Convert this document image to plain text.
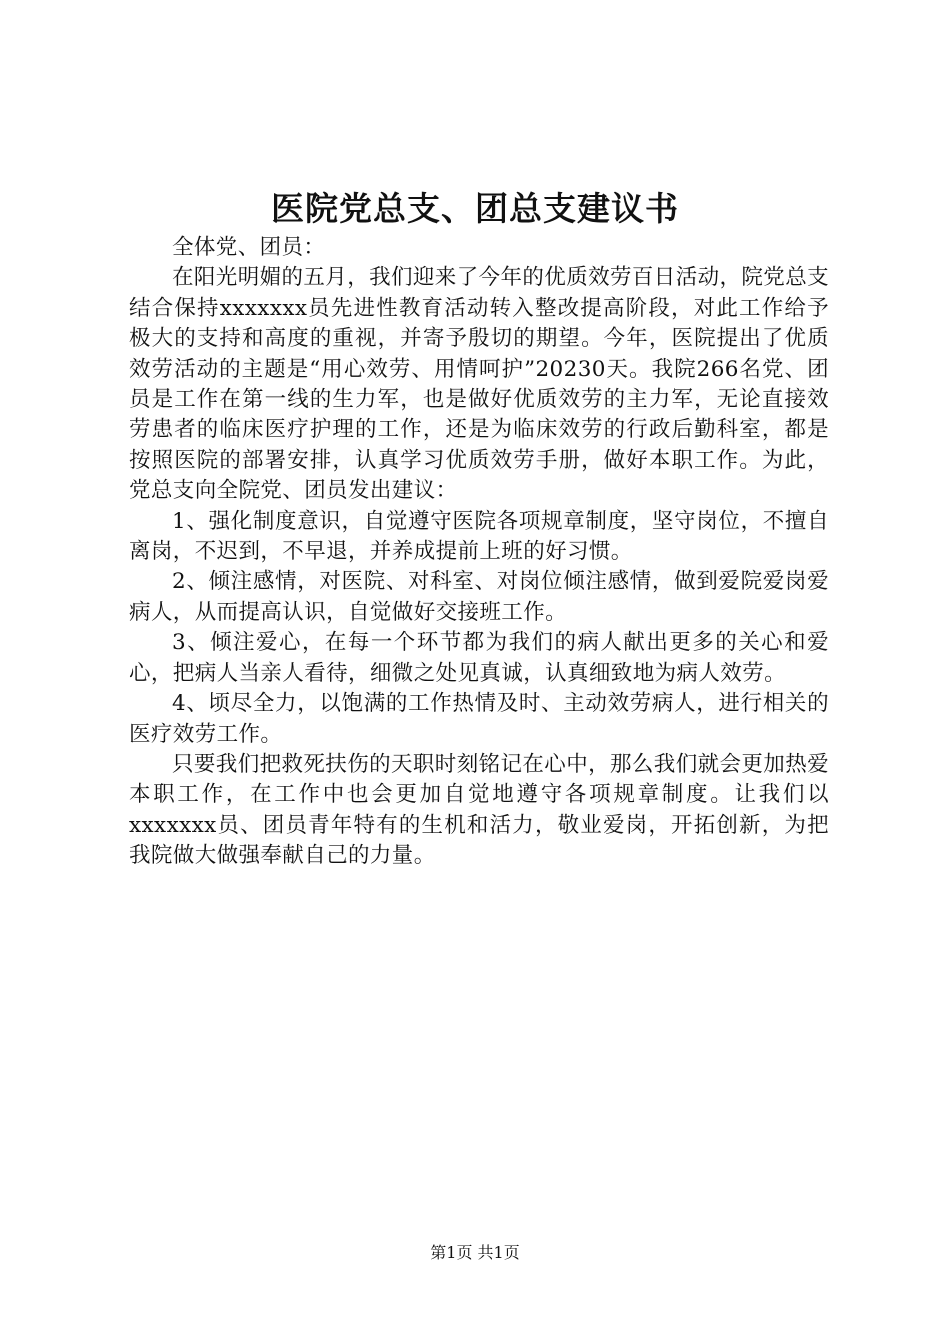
医院党总支、团总支建议书

全体党、团员：

在阳光明媚的五月，我们迎来了今年的优质效劳百日活动，院党总支结合保持xxxxxxx员先进性教育活动转入整改提高阶段，对此工作给予极大的支持和高度的重视，并寄予殷切的期望。今年，医院提出了优质效劳活动的主题是“用心效劳、用情呵护”20230天。我院266名党、团员是工作在第一线的生力军，也是做好优质效劳的主力军，无论直接效劳患者的临床医疗护理的工作，还是为临床效劳的行政后勤科室，都是按照医院的部署安排，认真学习优质效劳手册，做好本职工作。为此，党总支向全院党、团员发出建议：

1、强化制度意识，自觉遵守医院各项规章制度，坚守岗位，不擅自离岗，不迟到，不早退，并养成提前上班的好习惯。

2、倾注感情，对医院、对科室、对岗位倾注感情，做到爱院爱岗爱病人，从而提高认识，自觉做好交接班工作。

3、倾注爱心，在每一个环节都为我们的病人献出更多的关心和爱心，把病人当亲人看待，细微之处见真诚，认真细致地为病人效劳。

4、顷尽全力，以饱满的工作热情及时、主动效劳病人，进行相关的医疗效劳工作。

只要我们把救死扶伤的天职时刻铭记在心中，那么我们就会更加热爱本职工作，在工作中也会更加自觉地遵守各项规章制度。让我们以xxxxxxx员、团员青年特有的生机和活力，敬业爱岗，开拓创新，为把我院做大做强奉献自己的力量。

第1页 共1页
